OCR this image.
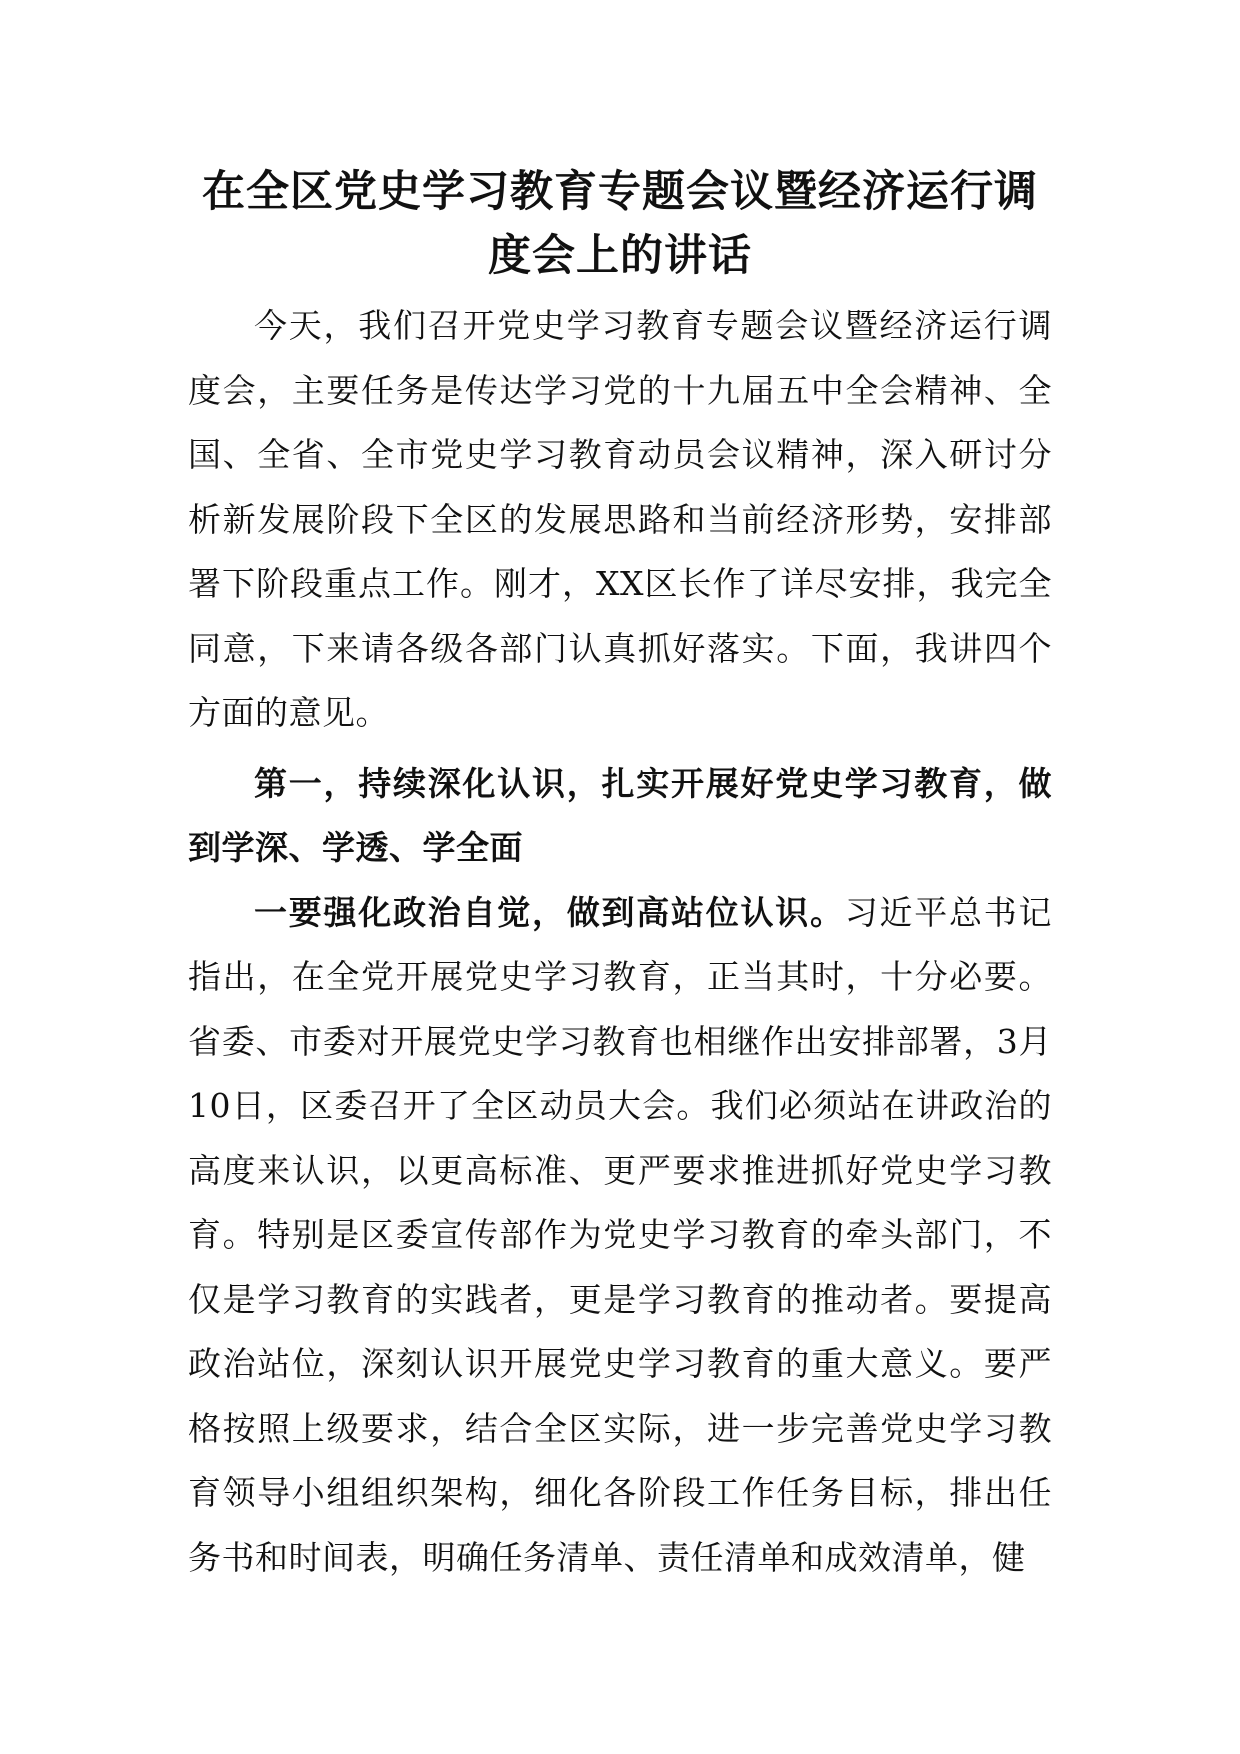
在全区党史学习教育专题会议暨经济运行调度会上的讲话

今天，我们召开党史学习教育专题会议暨经济运行调度会，主要任务是传达学习党的十九届五中全会精神、全国、全省、全市党史学习教育动员会议精神，深入研讨分析新发展阶段下全区的发展思路和当前经济形势，安排部署下阶段重点工作。刚才，XX区长作了详尽安排，我完全同意，下来请各级各部门认真抓好落实。下面，我讲四个方面的意见。

第一，持续深化认识，扎实开展好党史学习教育，做到学深、学透、学全面

一要强化政治自觉，做到高站位认识。习近平总书记指出，在全党开展党史学习教育，正当其时，十分必要。省委、市委对开展党史学习教育也相继作出安排部署，3月10日，区委召开了全区动员大会。我们必须站在讲政治的高度来认识，以更高标准、更严要求推进抓好党史学习教育。特别是区委宣传部作为党史学习教育的牵头部门，不仅是学习教育的实践者，更是学习教育的推动者。要提高政治站位，深刻认识开展党史学习教育的重大意义。要严格按照上级要求，结合全区实际，进一步完善党史学习教育领导小组组织架构，细化各阶段工作任务目标，排出任务书和时间表，明确任务清单、责任清单和成效清单，健
